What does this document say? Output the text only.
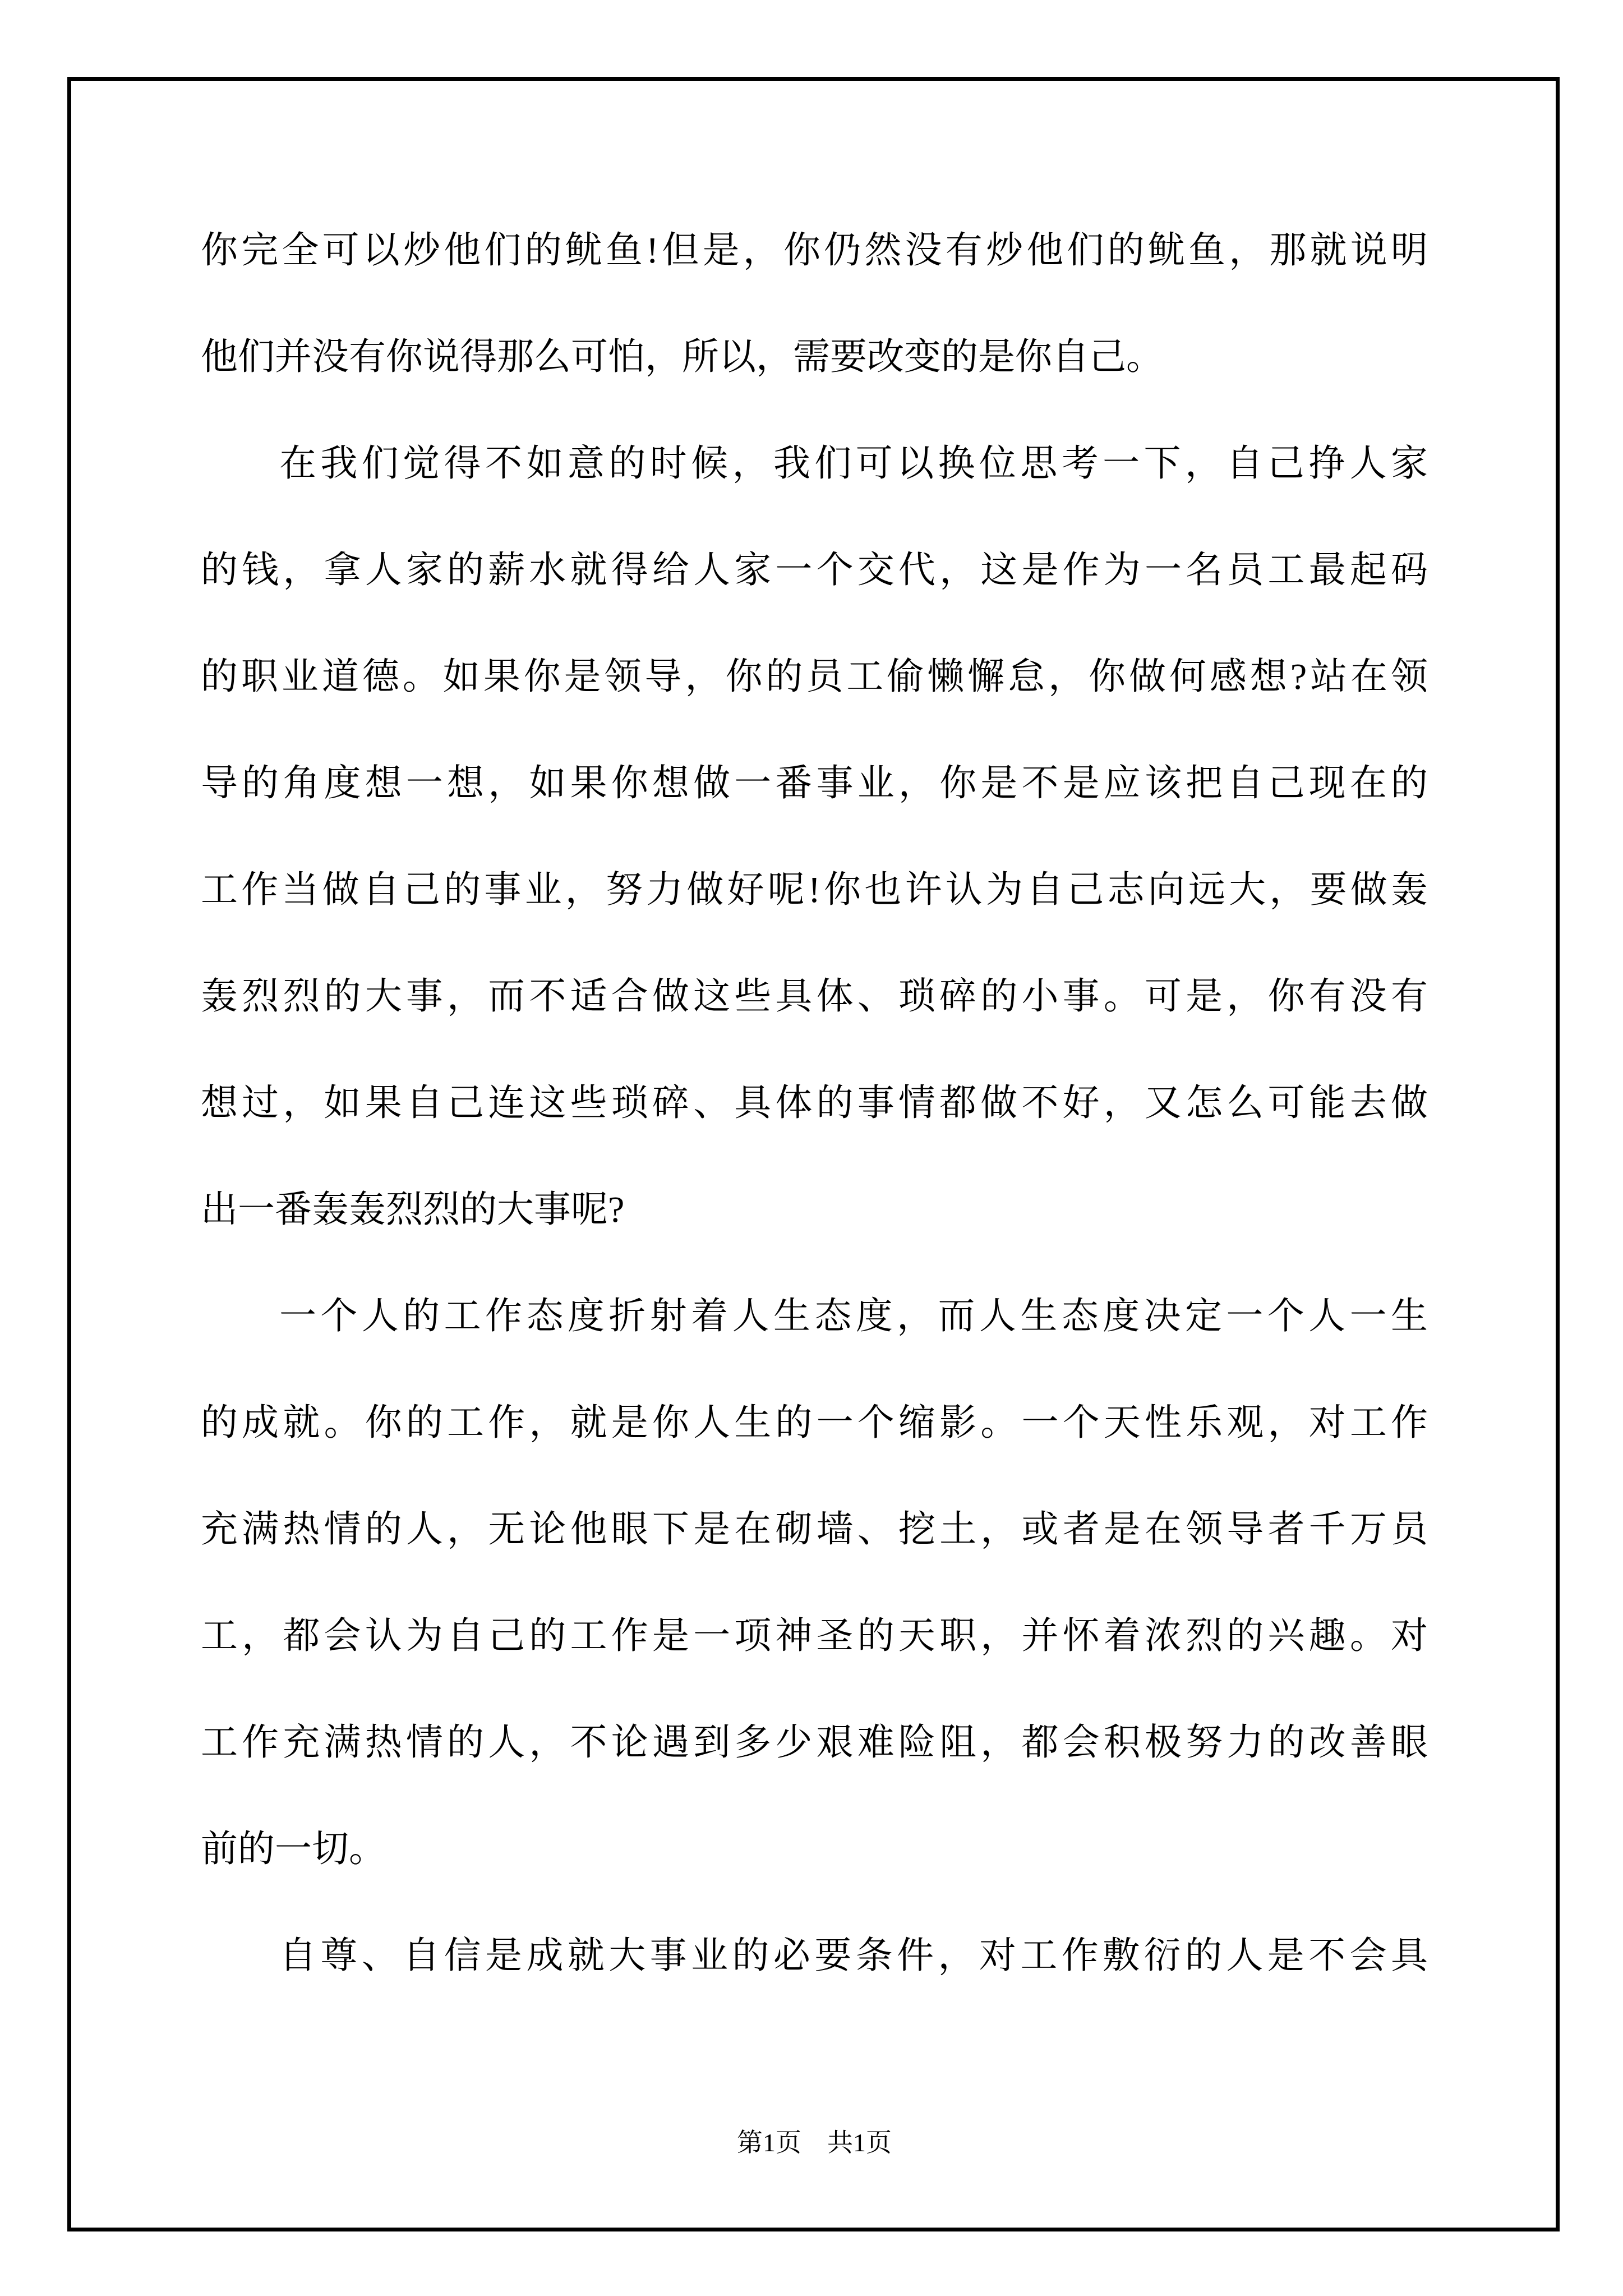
你完全可以炒他们的鱿鱼!但是，你仍然没有炒他们的鱿鱼，那就说明
他们并没有你说得那么可怕，所以，需要改变的是你自己。
在我们觉得不如意的时候，我们可以换位思考一下，自己挣人家
的钱，拿人家的薪水就得给人家一个交代，这是作为一名员工最起码
的职业道德。如果你是领导，你的员工偷懒懈怠，你做何感想?站在领
导的角度想一想，如果你想做一番事业，你是不是应该把自己现在的
工作当做自己的事业，努力做好呢!你也许认为自己志向远大，要做轰
轰烈烈的大事，而不适合做这些具体、琐碎的小事。可是，你有没有
想过，如果自己连这些琐碎、具体的事情都做不好，又怎么可能去做
出一番轰轰烈烈的大事呢?
一个人的工作态度折射着人生态度，而人生态度决定一个人一生
的成就。你的工作，就是你人生的一个缩影。一个天性乐观，对工作
充满热情的人，无论他眼下是在砌墙、挖土，或者是在领导者千万员
工，都会认为自己的工作是一项神圣的天职，并怀着浓烈的兴趣。对
工作充满热情的人，不论遇到多少艰难险阻，都会积极努力的改善眼
前的一切。
自尊、自信是成就大事业的必要条件，对工作敷衍的人是不会具
第1页　共1页
